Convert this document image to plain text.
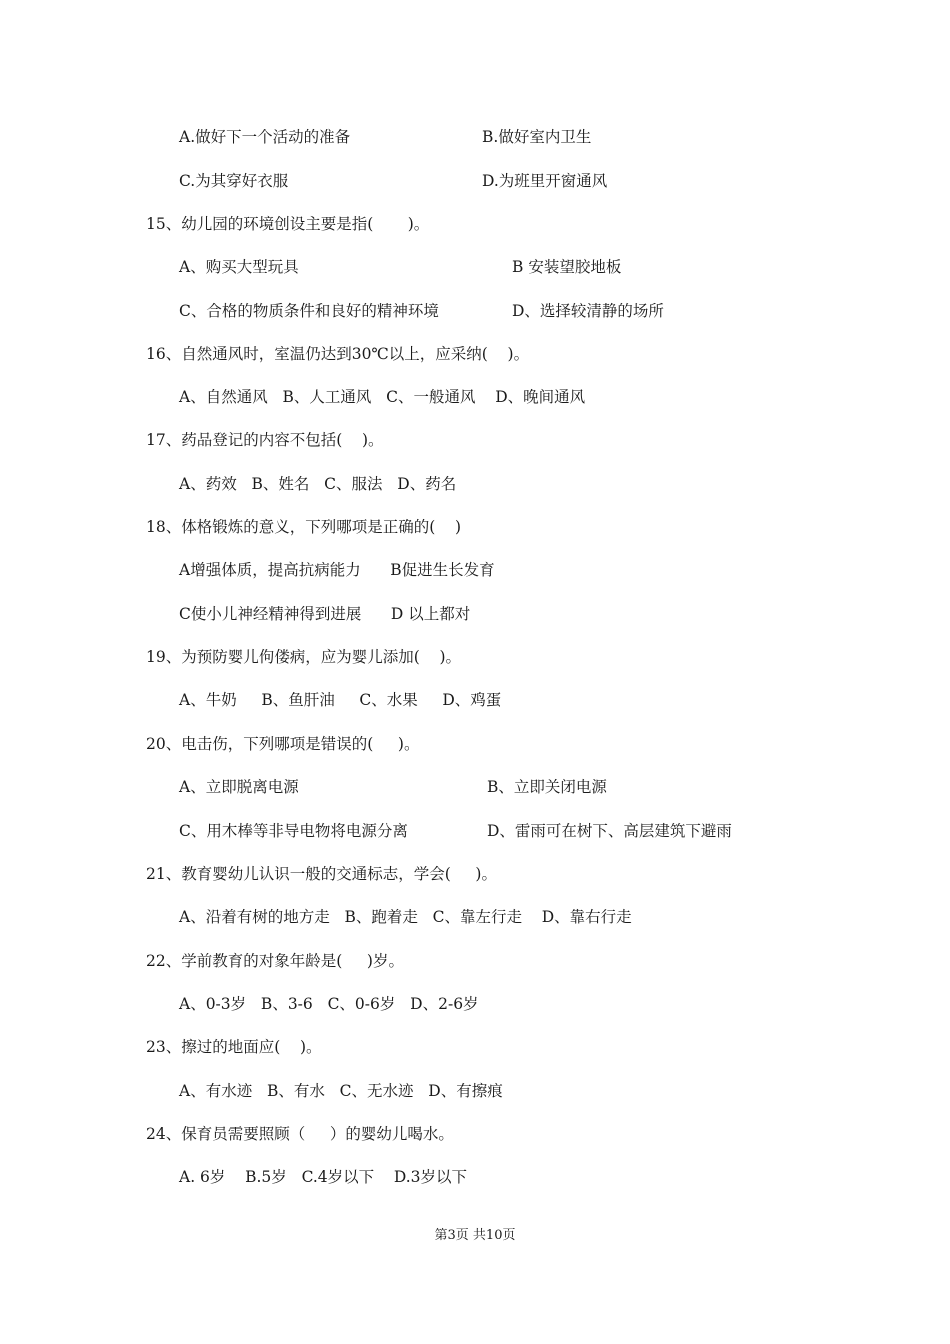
A.做好下一个活动的准备	B.做好室内卫生
C.为其穿好衣服	D.为班里开窗通风
15、幼儿园的环境创设主要是指(       )。
A、购买大型玩具	B 安装望胶地板
C、合格的物质条件和良好的精神环境	D、选择较清静的场所
16、自然通风时，室温仍达到30℃以上，应采纳(    )。
A、自然通风   B、人工通风   C、一般通风    D、晚间通风
17、药品登记的内容不包括(    )。
A、药效   B、姓名   C、服法   D、药名
18、体格锻炼的意义，下列哪项是正确的(    )
A增强体质，提高抗病能力      B促进生长发育
C使小儿神经精神得到进展      D 以上都对
19、为预防婴儿佝偻病，应为婴儿添加(    )。
A、牛奶     B、鱼肝油     C、水果     D、鸡蛋
20、电击伤，下列哪项是错误的(     )。
A、立即脱离电源	B、立即关闭电源
C、用木棒等非导电物将电源分离	D、雷雨可在树下、高层建筑下避雨
21、教育婴幼儿认识一般的交通标志，学会(     )。
A、沿着有树的地方走   B、跑着走   C、靠左行走    D、靠右行走
22、学前教育的对象年龄是(     )岁。
A、0-3岁   B、3-6   C、0-6岁   D、2-6岁
23、擦过的地面应(    )。
A、有水迹   B、有水   C、无水迹   D、有擦痕
24、保育员需要照顾（     ）的婴幼儿喝水。
A. 6岁    B.5岁   C.4岁以下    D.3岁以下
第3页 共10页
